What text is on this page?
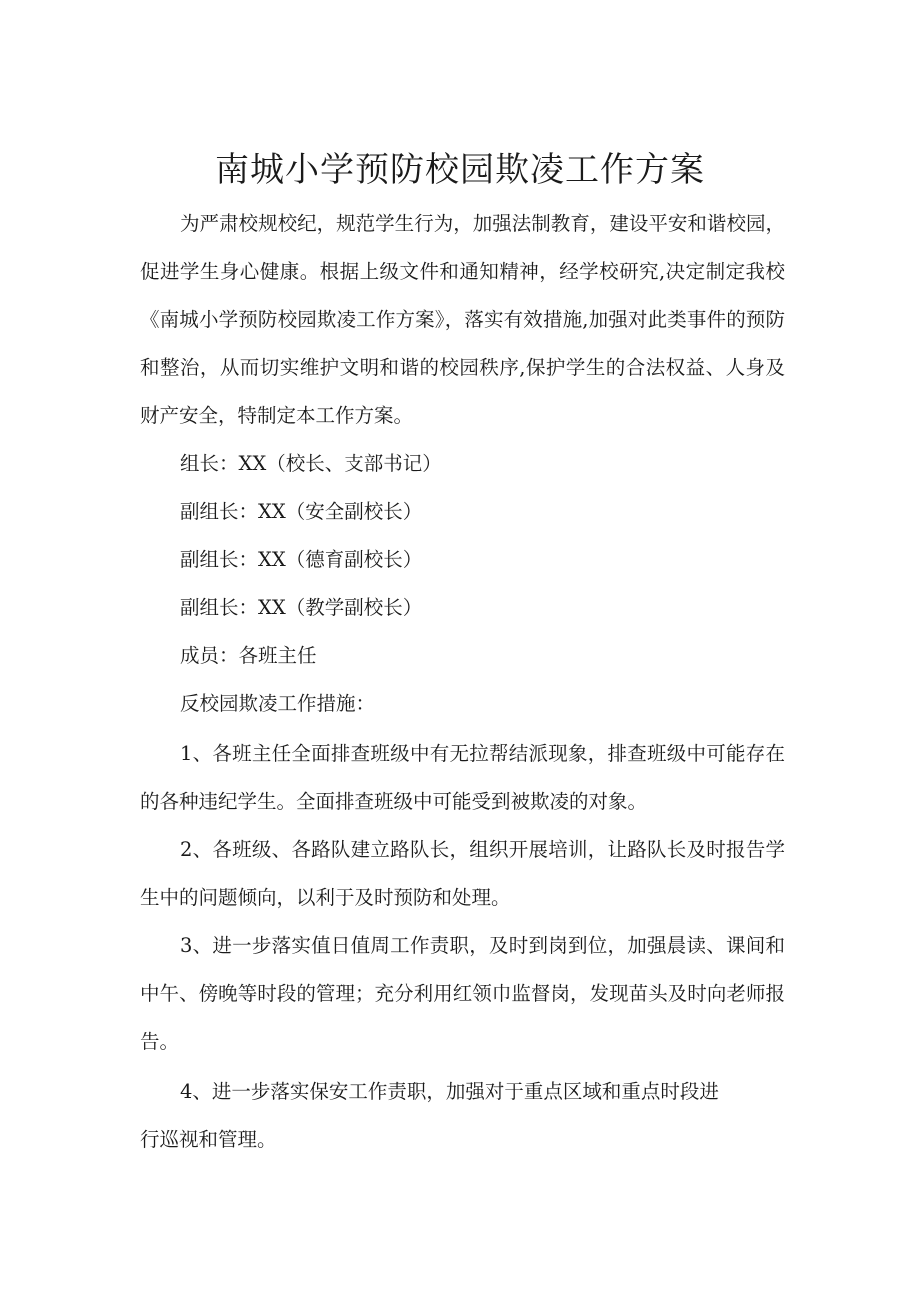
南城小学预防校园欺凌工作方案

为严肃校规校纪，规范学生行为，加强法制教育，建设平安和谐校园，促进学生身心健康。根据上级文件和通知精神，经学校研究,决定制定我校《南城小学预防校园欺凌工作方案》，落实有效措施,加强对此类事件的预防和整治，从而切实维护文明和谐的校园秩序,保护学生的合法权益、人身及财产安全，特制定本工作方案。

组长：XX（校长、支部书记）

副组长：XX（安全副校长）

副组长：XX（德育副校长）

副组长：XX（教学副校长）

成员：各班主任

反校园欺凌工作措施：

1、各班主任全面排查班级中有无拉帮结派现象，排查班级中可能存在的各种违纪学生。全面排查班级中可能受到被欺凌的对象。

2、各班级、各路队建立路队长，组织开展培训，让路队长及时报告学生中的问题倾向，以利于及时预防和处理。

3、进一步落实值日值周工作责职，及时到岗到位，加强晨读、课间和中午、傍晚等时段的管理；充分利用红领巾监督岗，发现苗头及时向老师报告。

4、进一步落实保安工作责职，加强对于重点区域和重点时段进

行巡视和管理。
